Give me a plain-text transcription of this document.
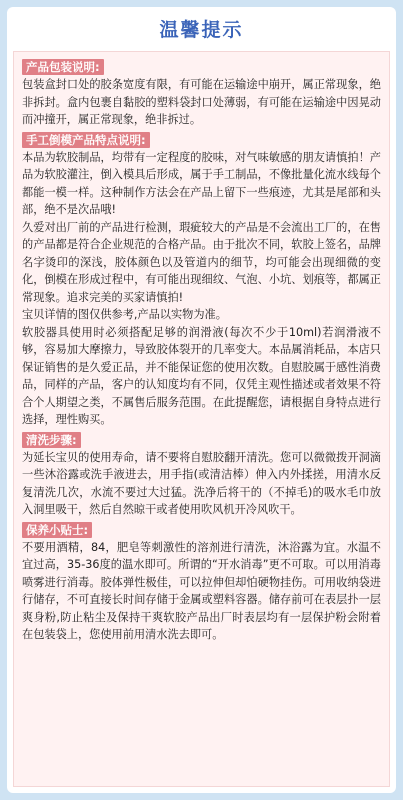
温馨提示
产品包装说明:

包装盒封口处的胶条宽度有限，有可能在运输途中崩开，属正常现象，绝非拆封。盒内包裹自黏胶的塑料袋封口处薄弱，有可能在运输途中因晃动而冲撞开，属正常现象，绝非拆过。

手工倒模产品特点说明:

本品为软胶制品，均带有一定程度的胶味，对气味敏感的朋友请慎拍！产品为软胶灌注，倒入模具后形成，属于手工制品，不像批量化流水线每个都能一模一样。这种制作方法会在产品上留下一些痕迹，尤其是尾部和头部，绝不是次品哦!

久爱对出厂前的产品进行检测，瑕疵较大的产品是不会流出工厂的，在售的产品都是符合企业规范的合格产品。由于批次不同，软胶上签名，品牌名字烫印的深浅，胶体颜色以及管道内的细节，均可能会出现细微的变化，倒模在形成过程中，有可能出现细纹、气泡、小坑、划痕等，都属正常现象。追求完美的买家请慎拍!

宝贝详情的图仅供参考,产品以实物为准。

软胶器具使用时必须搭配足够的润滑液(每次不少于10ml)若润滑液不够，容易加大摩擦力，导致胶体裂开的几率变大。本品属消耗品，本店只保证销售的是久爱正品，并不能保证您的使用次数。自慰胶属于感性消费品，同样的产品，客户的认知度均有不同，仅凭主观性描述或者效果不符合个人期望之类，不属售后服务范围。在此提醒您，请根据自身特点进行选择，理性购买。

清洗步骤:

为延长宝贝的使用寿命，请不要将自慰胶翻开清洗。您可以微微拨开洞滴一些沐浴露或洗手液进去，用手指(或清洁棒）伸入内外揉搓，用清水反复清洗几次，水流不要过大过猛。洗净后将干的（不掉毛)的吸水毛巾放入洞里吸干，然后自然晾干或者使用吹风机开冷风吹干。

保养小贴士:

不要用酒精，84，肥皂等刺激性的溶剂进行清洗，沐浴露为宜。水温不宜过高，35-36度的温水即可。所谓的“开水消毒”更不可取。可以用消毒喷雾进行消毒。胶体弹性极佳，可以拉伸但却怕硬物挂伤。可用收纳袋进行储存，不可直接长时间存储于金属或塑料容器。储存前可在表层扑一层爽身粉,防止粘尘及保持干爽软胶产品出厂时表层均有一层保护粉会附着在包装袋上，您使用前用清水洗去即可。
